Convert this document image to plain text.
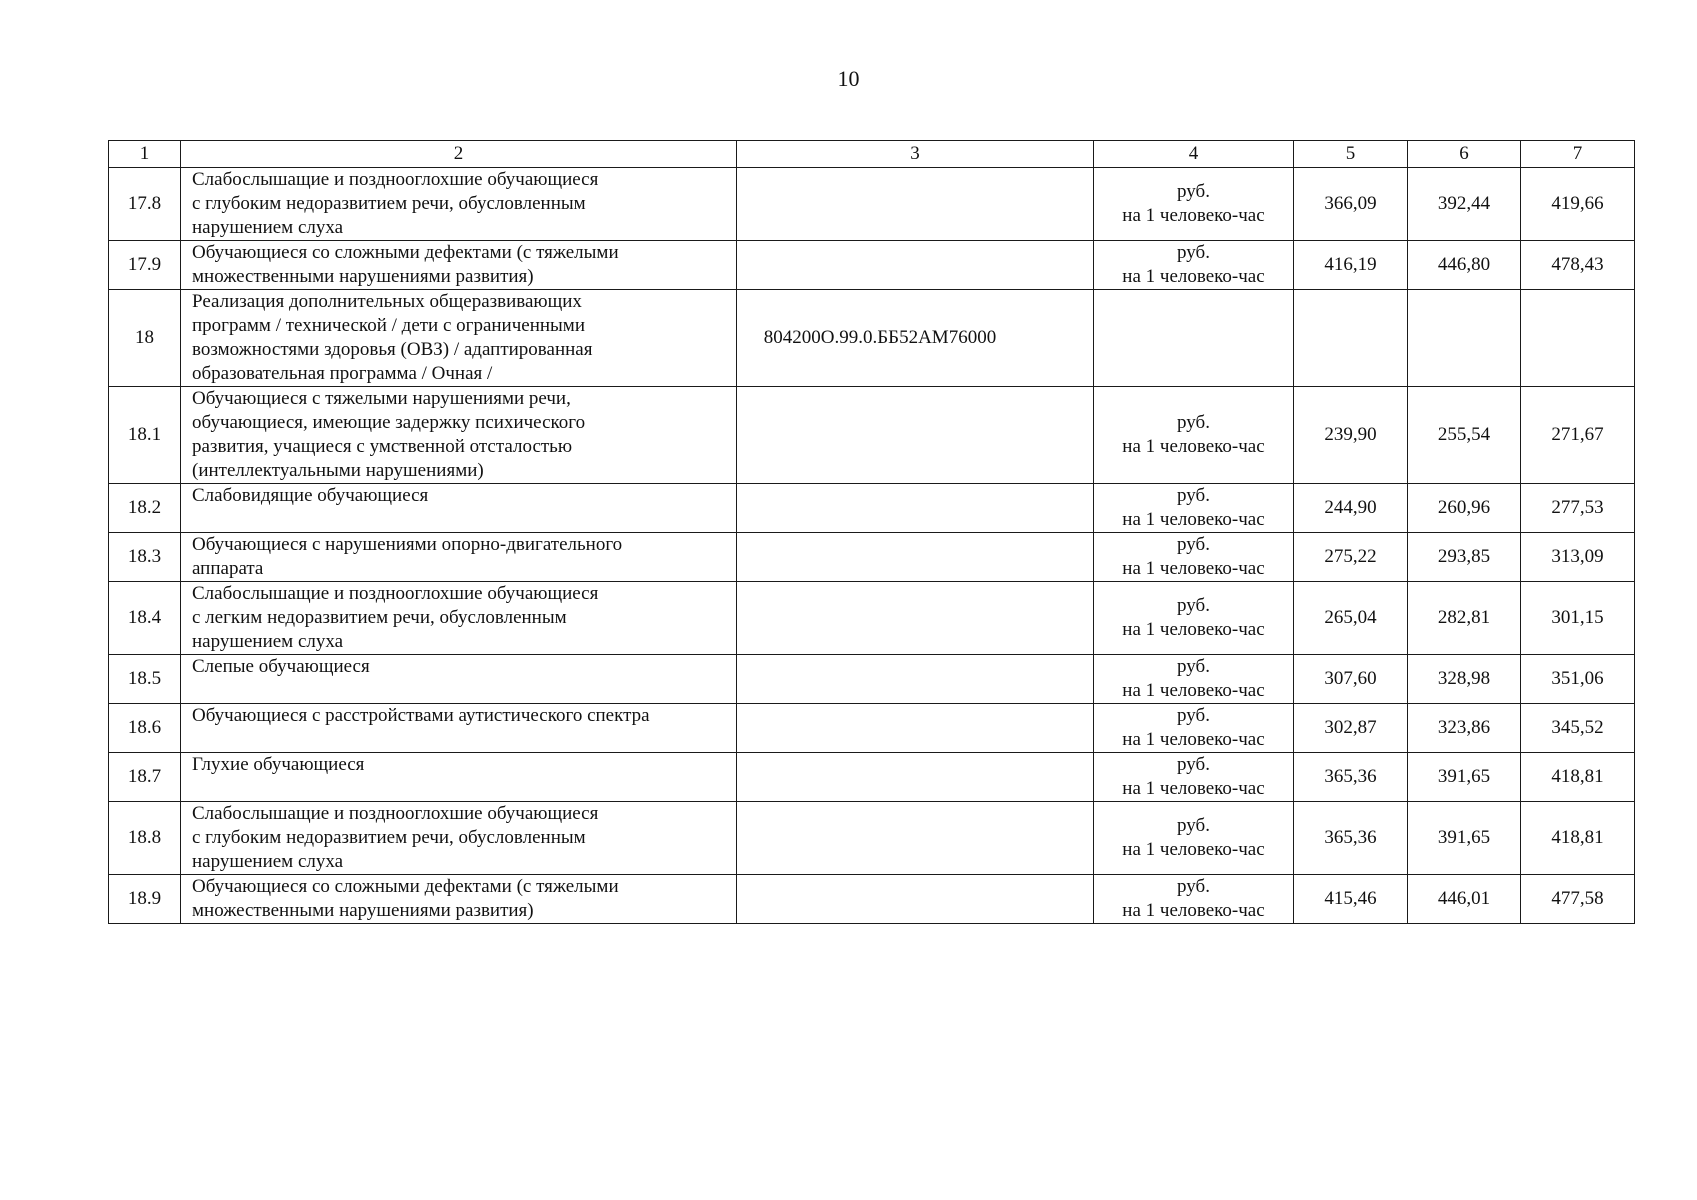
10
1	2	3	4	5	6	7
17.8	Слабослышащие и позднооглохшие обучающиеся
с глубоким недоразвитием речи, обусловленным
нарушением слуха		руб.
на 1 человеко-час	366,09	392,44	419,66
17.9	Обучающиеся со сложными дефектами (с тяжелыми
множественными нарушениями развития)		руб.
на 1 человеко-час	416,19	446,80	478,43
18	Реализация дополнительных общеразвивающих
программ / технической / дети с ограниченными
возможностями здоровья (ОВЗ) / адаптированная
образовательная программа / Очная /	804200О.99.0.ББ52АМ76000				
18.1	Обучающиеся с тяжелыми нарушениями речи,
обучающиеся, имеющие задержку психического
развития, учащиеся с умственной отсталостью
(интеллектуальными нарушениями)		руб.
на 1 человеко-час	239,90	255,54	271,67
18.2	Слабовидящие обучающиеся		руб.
на 1 человеко-час	244,90	260,96	277,53
18.3	Обучающиеся с нарушениями опорно-двигательного
аппарата		руб.
на 1 человеко-час	275,22	293,85	313,09
18.4	Слабослышащие и позднооглохшие обучающиеся
с легким недоразвитием речи, обусловленным
нарушением слуха		руб.
на 1 человеко-час	265,04	282,81	301,15
18.5	Слепые обучающиеся		руб.
на 1 человеко-час	307,60	328,98	351,06
18.6	Обучающиеся с расстройствами аутистического спектра		руб.
на 1 человеко-час	302,87	323,86	345,52
18.7	Глухие обучающиеся		руб.
на 1 человеко-час	365,36	391,65	418,81
18.8	Слабослышащие и позднооглохшие обучающиеся
с глубоким недоразвитием речи, обусловленным
нарушением слуха		руб.
на 1 человеко-час	365,36	391,65	418,81
18.9	Обучающиеся со сложными дефектами (с тяжелыми
множественными нарушениями развития)		руб.
на 1 человеко-час	415,46	446,01	477,58
